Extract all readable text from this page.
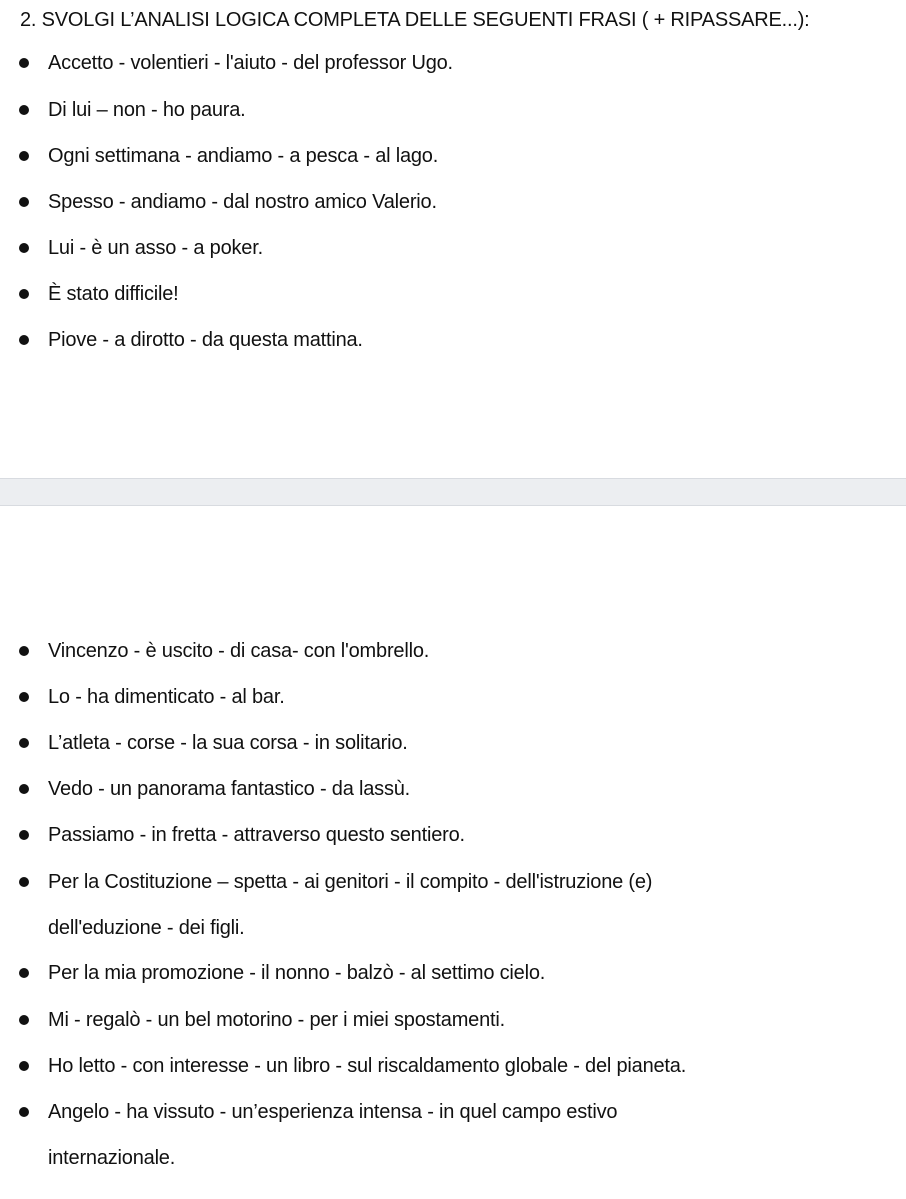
2. SVOLGI L’ANALISI LOGICA COMPLETA DELLE SEGUENTI FRASI ( + RIPASSARE...):
Accetto - volentieri - l'aiuto - del professor Ugo.
Di lui – non - ho paura.
Ogni settimana - andiamo - a pesca - al lago.
Spesso - andiamo - dal nostro amico Valerio.
Lui - è un asso - a poker.
È stato difficile!
Piove - a dirotto - da questa mattina.
Vincenzo - è uscito - di casa- con l'ombrello.
Lo - ha dimenticato - al bar.
L’atleta - corse - la sua corsa - in solitario.
Vedo - un panorama fantastico - da lassù.
Passiamo - in fretta - attraverso questo sentiero.
Per la Costituzione – spetta - ai genitori - il compito - dell'istruzione (e)
dell'eduzione - dei figli.
Per la mia promozione - il nonno - balzò - al settimo cielo.
Mi - regalò - un bel motorino - per i miei spostamenti.
Ho letto - con interesse - un libro - sul riscaldamento globale - del pianeta.
Angelo - ha vissuto - un’esperienza intensa - in quel campo estivo
internazionale.
